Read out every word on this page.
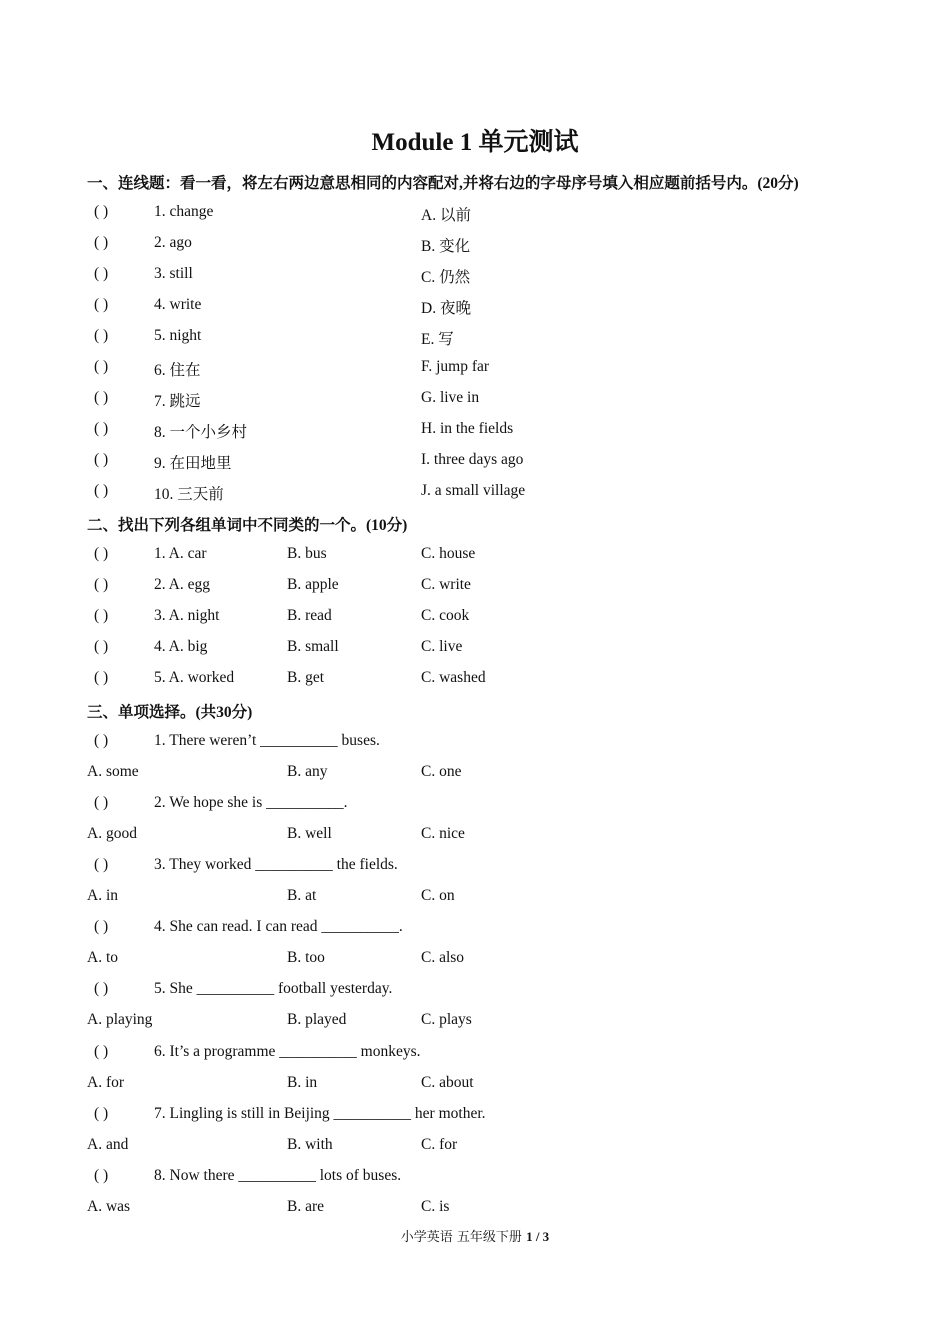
Module 1 单元测试
一、连线题：看一看，将左右两边意思相同的内容配对,并将右边的字母序号填入相应题前括号内。(20分)
( )	1. change	A. 以前
( )	2. ago	B. 变化
( )	3. still	C. 仍然
( )	4. write	D. 夜晚
( )	5. night	E. 写
( )	6. 住在	F. jump far
( )	7. 跳远	G. live in
( )	8. 一个小乡村	H. in the fields
( )	9. 在田地里	I. three days ago
( )	10. 三天前	J. a small village
二、找出下列各组单词中不同类的一个。(10分)
( )	1. A. car	B. bus	C. house
( )	2. A. egg	B. apple	C. write
( )	3. A. night	B. read	C. cook
( )	4. A. big	B. small	C. live
( )	5. A. worked	B. get	C. washed
三、单项选择。(共30分)
( )	1. There weren’t __________ buses.
A. some	B. any	C. one
( )	2. We hope she is __________.
A. good	B. well	C. nice
( )	3. They worked __________ the fields.
A. in	B. at	C. on
( )	4. She can read. I can read __________.
A. to	B. too	C. also
( )	5. She __________ football yesterday.
A. playing	B. played	C. plays
( )	6. It’s a programme __________ monkeys.
A. for	B. in	C. about
( )	7. Lingling is still in Beijing __________ her mother.
A. and	B. with	C. for
( )	8. Now there __________ lots of buses.
A. was	B. are	C. is
小学英语 五年级下册 1 / 3
